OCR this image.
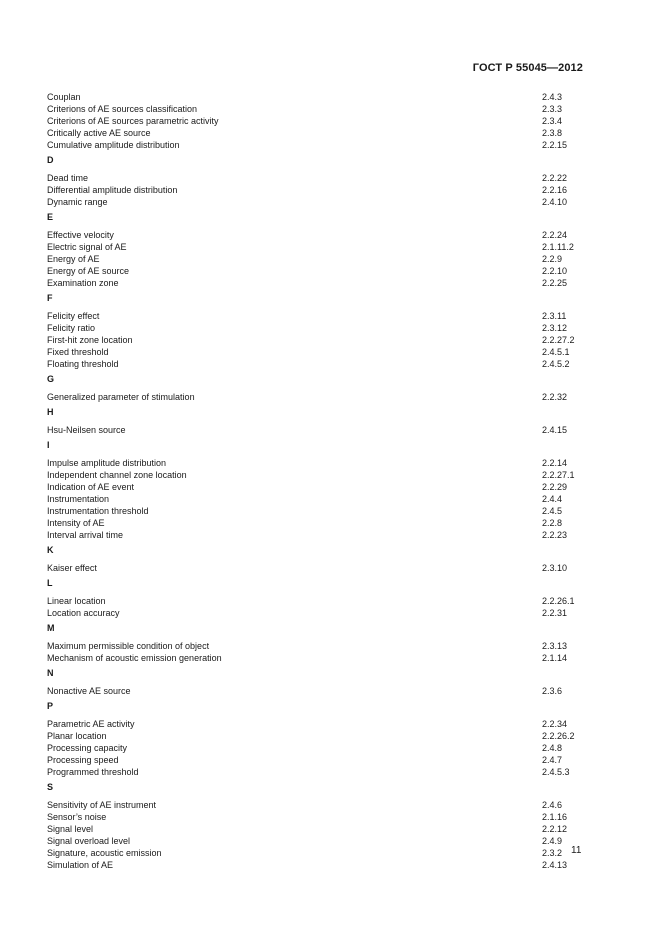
ГОСТ Р 55045—2012
Couplan	2.4.3
Criterions of AE sources classification	2.3.3
Criterions of AE sources parametric activity	2.3.4
Critically active AE source	2.3.8
Cumulative amplitude distribution	2.2.15
D
Dead time	2.2.22
Differential amplitude distribution	2.2.16
Dynamic range	2.4.10
E
Effective velocity	2.2.24
Electric signal of AE	2.1.11.2
Energy of AE	2.2.9
Energy of AE source	2.2.10
Examination zone	2.2.25
F
Felicity effect	2.3.11
Felicity ratio	2.3.12
First-hit zone location	2.2.27.2
Fixed threshold	2.4.5.1
Floating threshold	2.4.5.2
G
Generalized parameter of stimulation	2.2.32
H
Hsu-Neilsen source	2.4.15
I
Impulse amplitude distribution	2.2.14
Independent channel zone location	2.2.27.1
Indication of AE event	2.2.29
Instrumentation	2.4.4
Instrumentation threshold	2.4.5
Intensity of AE	2.2.8
Interval arrival time	2.2.23
K
Kaiser effect	2.3.10
L
Linear location	2.2.26.1
Location accuracy	2.2.31
M
Maximum permissible condition of object	2.3.13
Mechanism of acoustic emission generation	2.1.14
N
Nonactive AE source	2.3.6
P
Parametric AE activity	2.2.34
Planar location	2.2.26.2
Processing capacity	2.4.8
Processing speed	2.4.7
Programmed threshold	2.4.5.3
S
Sensitivity of AE instrument	2.4.6
Sensor’s noise	2.1.16
Signal level	2.2.12
Signal overload level	2.4.9
Signature, acoustic emission	2.3.2
Simulation of AE	2.4.13
11
